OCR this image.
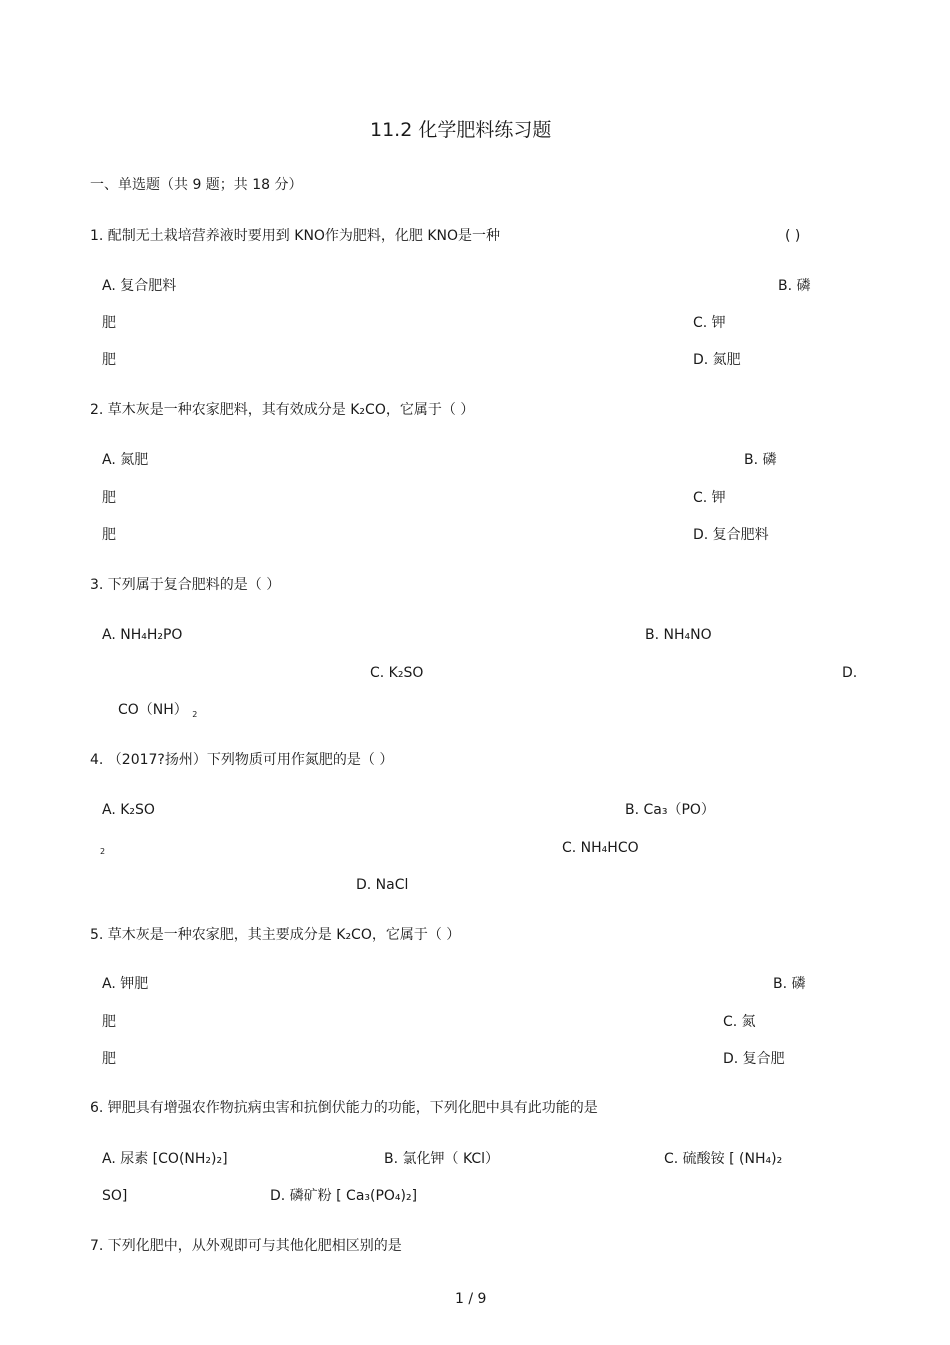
11.2 化学肥料练习题
一、单选题（共 9 题；共 18 分）
1. 配制无土栽培营养液时要用到 KNO作为肥料，化肥 KNO是一种	( )
A. 复合肥料	B. 磷
肥	C. 钾
肥	D. 氮肥
2. 草木灰是一种农家肥料，其有效成分是 K₂CO，它属于（ ）
A. 氮肥	B. 磷
肥	C. 钾
肥	D. 复合肥料
3. 下列属于复合肥料的是（ ）
A. NH₄H₂PO	B. NH₄NO
C. K₂SO	D.
CO（NH） $_2$
4. （2017?扬州）下列物质可用作氮肥的是（ ）
A. K₂SO	B. Ca₃（PO）
2	C. NH₄HCO
D. NaCl
5. 草木灰是一种农家肥，其主要成分是 K₂CO，它属于（ ）
A. 钾肥	B. 磷
肥	C. 氮
肥	D. 复合肥
6. 钾肥具有增强农作物抗病虫害和抗倒伏能力的功能，下列化肥中具有此功能的是
A. 尿素 [CO(NH₂)₂]	B. 氯化钾（ KCl）	C. 硫酸铵 [ (NH₄)₂
SO]	D. 磷矿粉 [ Ca₃(PO₄)₂]
7. 下列化肥中，从外观即可与其他化肥相区别的是
1 / 9
